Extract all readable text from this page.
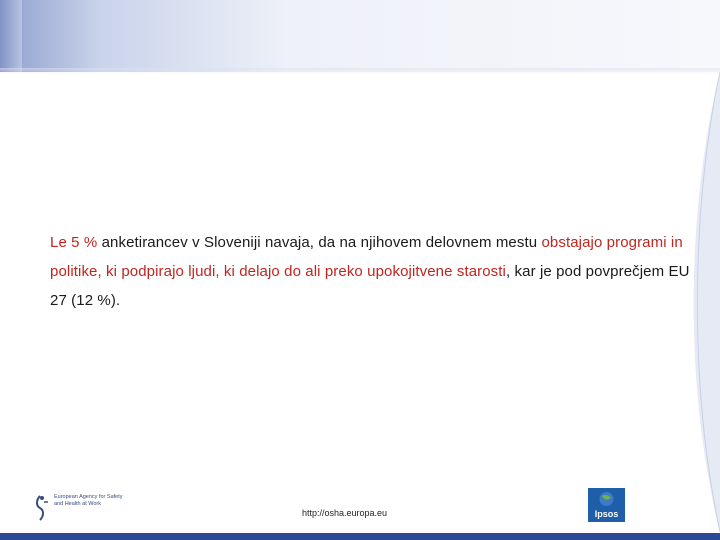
Le 5 % anketirancev v Sloveniji navaja, da na njihovem delovnem mestu obstajajo programi in politike, ki podpirajo ljudi, ki delajo do ali preko upokojitvene starosti, kar je pod povprečjem EU 27 (12 %).
European Agency for Safety and Health at Work
http://osha.europa.eu	Ipsos
